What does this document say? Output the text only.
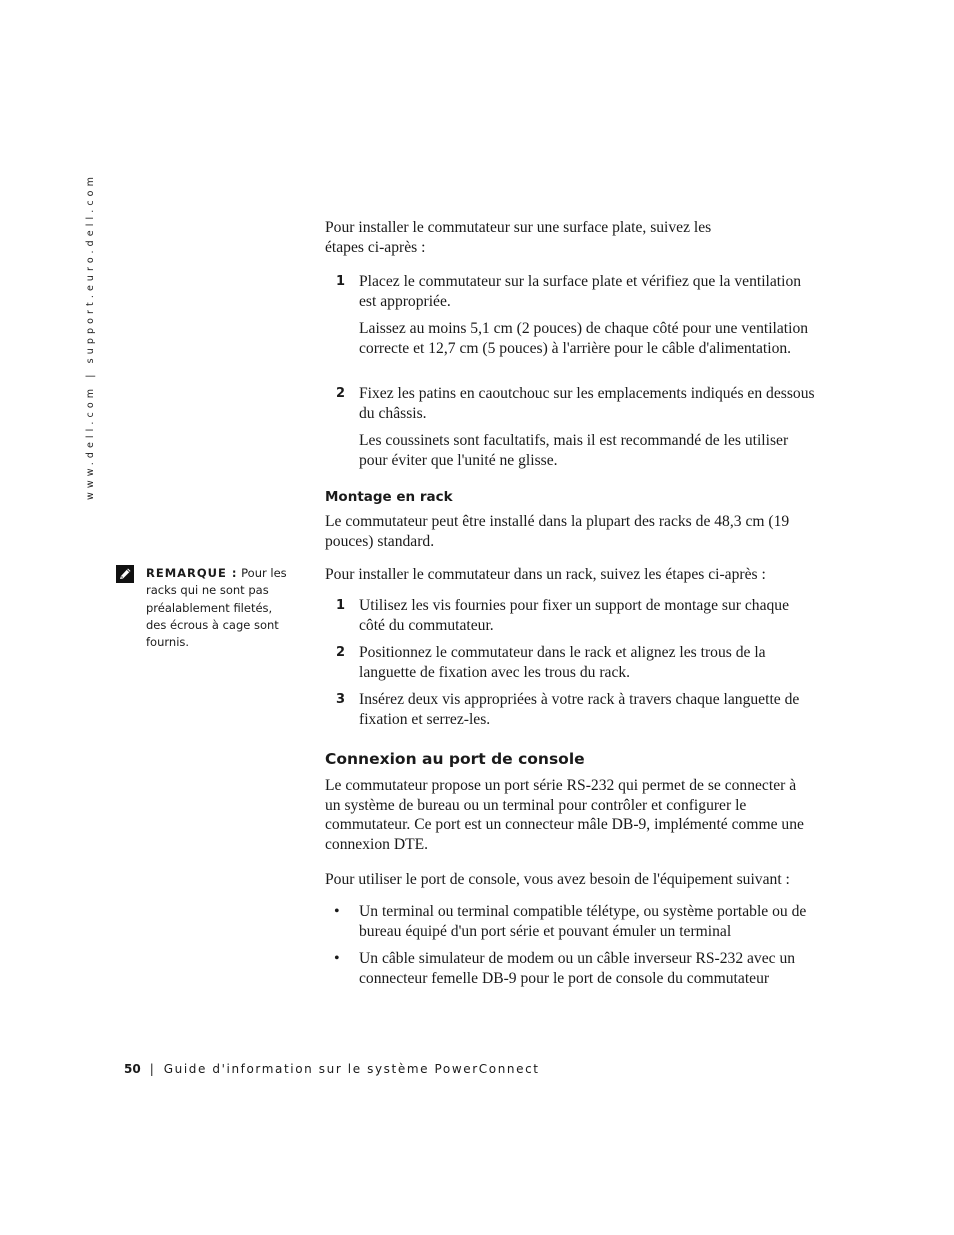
www.dell.com | support.euro.dell.com
REMARQUE : Pour les racks qui ne sont pas préalablement filetés, des écrous à cage sont fournis.
Pour installer le commutateur sur une surface plate, suivez les étapes ci-après :
1 Placez le commutateur sur la surface plate et vérifiez que la ventilation est appropriée.
Laissez au moins 5,1 cm (2 pouces) de chaque côté pour une ventilation correcte et 12,7 cm (5 pouces) à l'arrière pour le câble d'alimentation.
2 Fixez les patins en caoutchouc sur les emplacements indiqués en dessous du châssis.
Les coussinets sont facultatifs, mais il est recommandé de les utiliser pour éviter que l'unité ne glisse.
Montage en rack
Le commutateur peut être installé dans la plupart des racks de 48,3 cm (19 pouces) standard.
Pour installer le commutateur dans un rack, suivez les étapes ci-après :
1 Utilisez les vis fournies pour fixer un support de montage sur chaque côté du commutateur.
2 Positionnez le commutateur dans le rack et alignez les trous de la languette de fixation avec les trous du rack.
3 Insérez deux vis appropriées à votre rack à travers chaque languette de fixation et serrez-les.
Connexion au port de console
Le commutateur propose un port série RS-232 qui permet de se connecter à un système de bureau ou un terminal pour contrôler et configurer le commutateur. Ce port est un connecteur mâle DB-9, implémenté comme une connexion DTE.
Pour utiliser le port de console, vous avez besoin de l'équipement suivant :
• Un terminal ou terminal compatible télétype, ou système portable ou de bureau équipé d'un port série et pouvant émuler un terminal
• Un câble simulateur de modem ou un câble inverseur RS-232 avec un connecteur femelle DB-9 pour le port de console du commutateur
50 | Guide d'information sur le système PowerConnect
